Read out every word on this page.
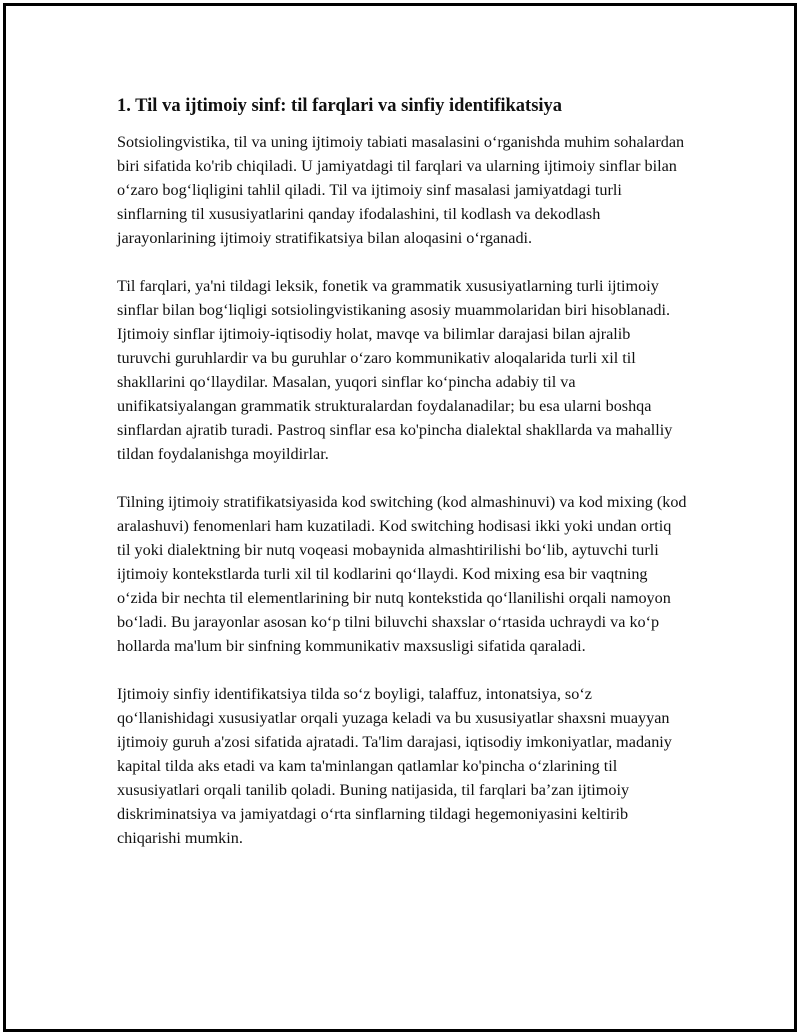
1. Til va ijtimoiy sinf: til farqlari va sinfiy identifikatsiya

Sotsiolingvistika, til va uning ijtimoiy tabiati masalasini o‘rganishda muhim sohalardan biri sifatida ko'rib chiqiladi. U jamiyatdagi til farqlari va ularning ijtimoiy sinflar bilan o‘zaro bog‘liqligini tahlil qiladi. Til va ijtimoiy sinf masalasi jamiyatdagi turli sinflarning til xususiyatlarini qanday ifodalashini, til kodlash va dekodlash jarayonlarining ijtimoiy stratifikatsiya bilan aloqasini o‘rganadi.

Til farqlari, ya'ni tildagi leksik, fonetik va grammatik xususiyatlarning turli ijtimoiy sinflar bilan bog‘liqligi sotsiolingvistikaning asosiy muammolaridan biri hisoblanadi. Ijtimoiy sinflar ijtimoiy-iqtisodiy holat, mavqe va bilimlar darajasi bilan ajralib turuvchi guruhlardir va bu guruhlar o‘zaro kommunikativ aloqalarida turli xil til shakllarini qo‘llaydilar. Masalan, yuqori sinflar ko‘pincha adabiy til va unifikatsiyalangan grammatik strukturalardan foydalanadilar; bu esa ularni boshqa sinflardan ajratib turadi. Pastroq sinflar esa ko'pincha dialektal shakllarda va mahalliy tildan foydalanishga moyildirlar.

Tilning ijtimoiy stratifikatsiyasida kod switching (kod almashinuvi) va kod mixing (kod aralashuvi) fenomenlari ham kuzatiladi. Kod switching hodisasi ikki yoki undan ortiq til yoki dialektning bir nutq voqeasi mobaynida almashtirilishi bo‘lib, aytuvchi turli ijtimoiy kontekstlarda turli xil til kodlarini qo‘llaydi. Kod mixing esa bir vaqtning o‘zida bir nechta til elementlarining bir nutq kontekstida qo‘llanilishi orqali namoyon bo‘ladi. Bu jarayonlar asosan ko‘p tilni biluvchi shaxslar o‘rtasida uchraydi va ko‘p hollarda ma'lum bir sinfning kommunikativ maxsusligi sifatida qaraladi.

Ijtimoiy sinfiy identifikatsiya tilda so‘z boyligi, talaffuz, intonatsiya, so‘z qo‘llanishidagi xususiyatlar orqali yuzaga keladi va bu xususiyatlar shaxsni muayyan ijtimoiy guruh a'zosi sifatida ajratadi. Ta'lim darajasi, iqtisodiy imkoniyatlar, madaniy kapital tilda aks etadi va kam ta'minlangan qatlamlar ko'pincha o‘zlarining til xususiyatlari orqali tanilib qoladi. Buning natijasida, til farqlari ba’zan ijtimoiy diskriminatsiya va jamiyatdagi o‘rta sinflarning tildagi hegemoniyasini keltirib chiqarishi mumkin.
